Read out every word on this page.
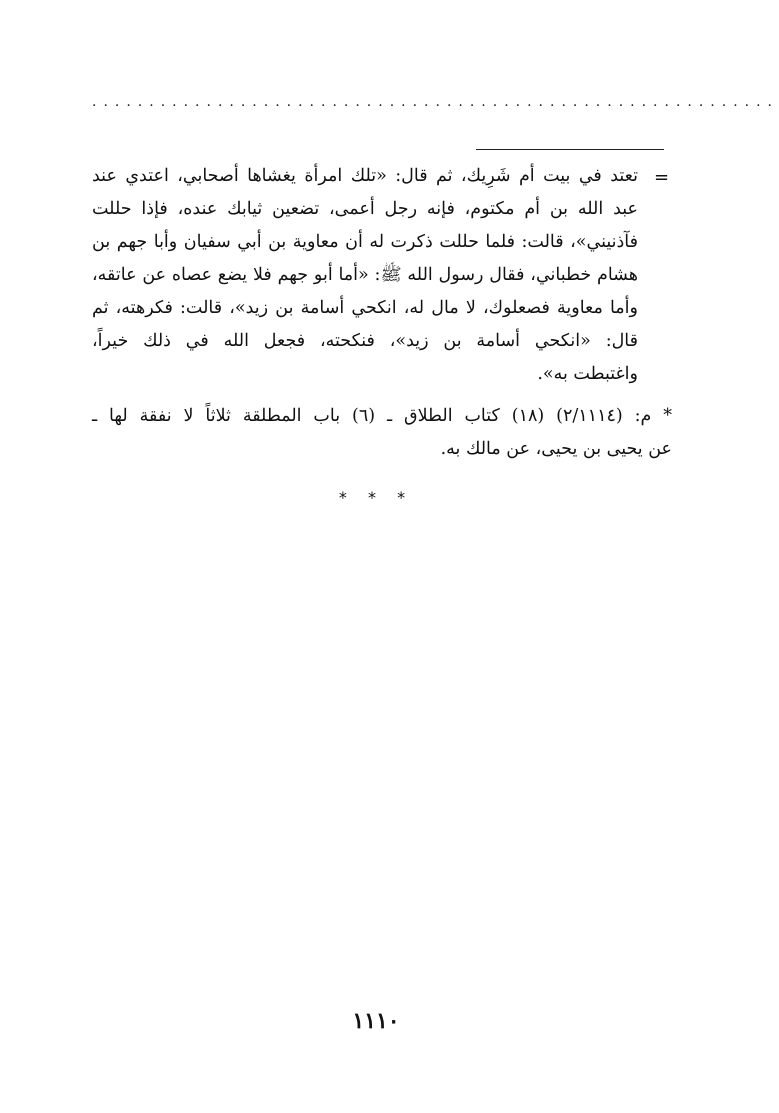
............................................................
=
تعتد في بيت أم شَرِيك، ثم قال: «تلك امرأة يغشاها أصحابي، اعتدي عند
عبد الله بن أم مكتوم، فإنه رجل أعمى، تضعين ثيابك عنده، فإذا حللت
فآذنيني»، قالت: فلما حللت ذكرت له أن معاوية بن أبي سفيان وأبا جهم بن
هشام خطباني، فقال رسول الله ﷺ: «أما أبو جهم فلا يضع عصاه عن عاتقه،
وأما معاوية فصعلوك، لا مال له، انكحي أسامة بن زيد»، قالت: فكرهته، ثم
قال: «انكحي أسامة بن زيد»، فنكحته، فجعل الله في ذلك خيراً،
واغتبطت به».
* م: (٢/١١١٤) (١٨) كتاب الطلاق ـ (٦) باب المطلقة ثلاثاً لا نفقة لها ـ
عن يحيى بن يحيى، عن مالك به.
* * *
١١١٠
